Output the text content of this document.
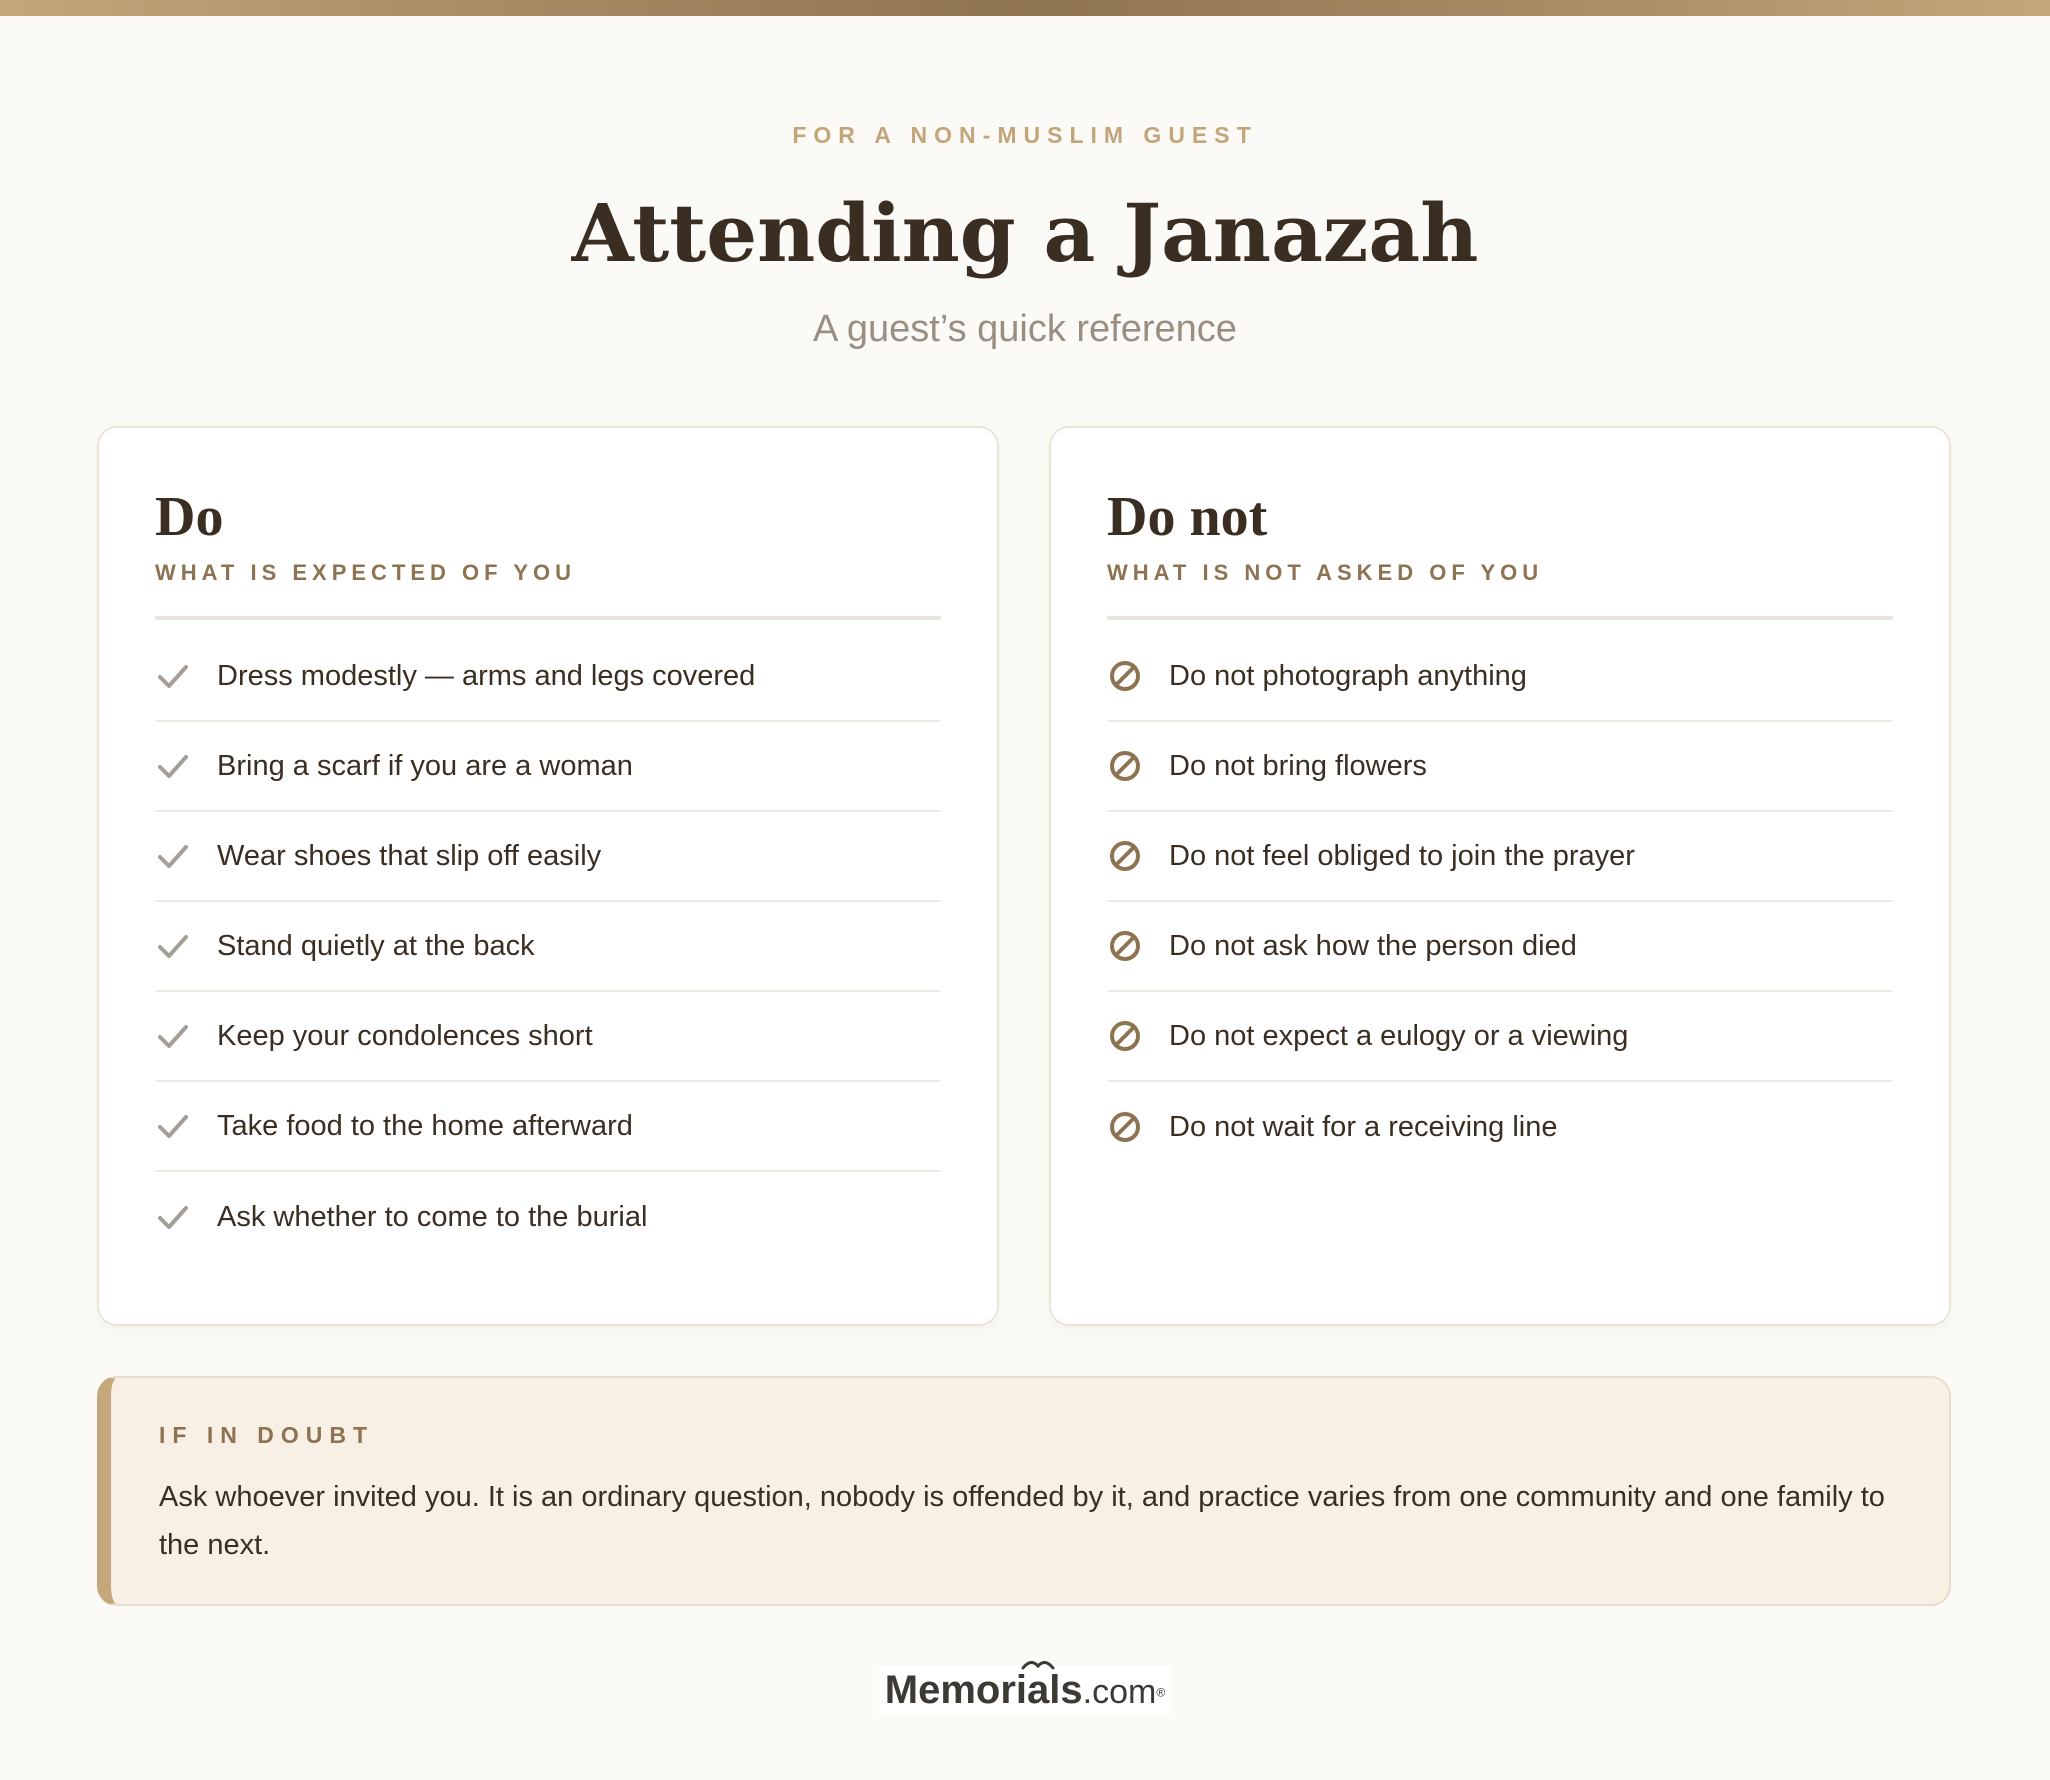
FOR A NON-MUSLIM GUEST
Attending a Janazah
A guest’s quick reference
Do
WHAT IS EXPECTED OF YOU
Dress modestly — arms and legs covered
Bring a scarf if you are a woman
Wear shoes that slip off easily
Stand quietly at the back
Keep your condolences short
Take food to the home afterward
Ask whether to come to the burial
Do not
WHAT IS NOT ASKED OF YOU
Do not photograph anything
Do not bring flowers
Do not feel obliged to join the prayer
Do not ask how the person died
Do not expect a eulogy or a viewing
Do not wait for a receiving line
IF IN DOUBT

Ask whoever invited you. It is an ordinary question, nobody is offended by it, and practice varies from one community and one family to the next.

Memorials.com®
